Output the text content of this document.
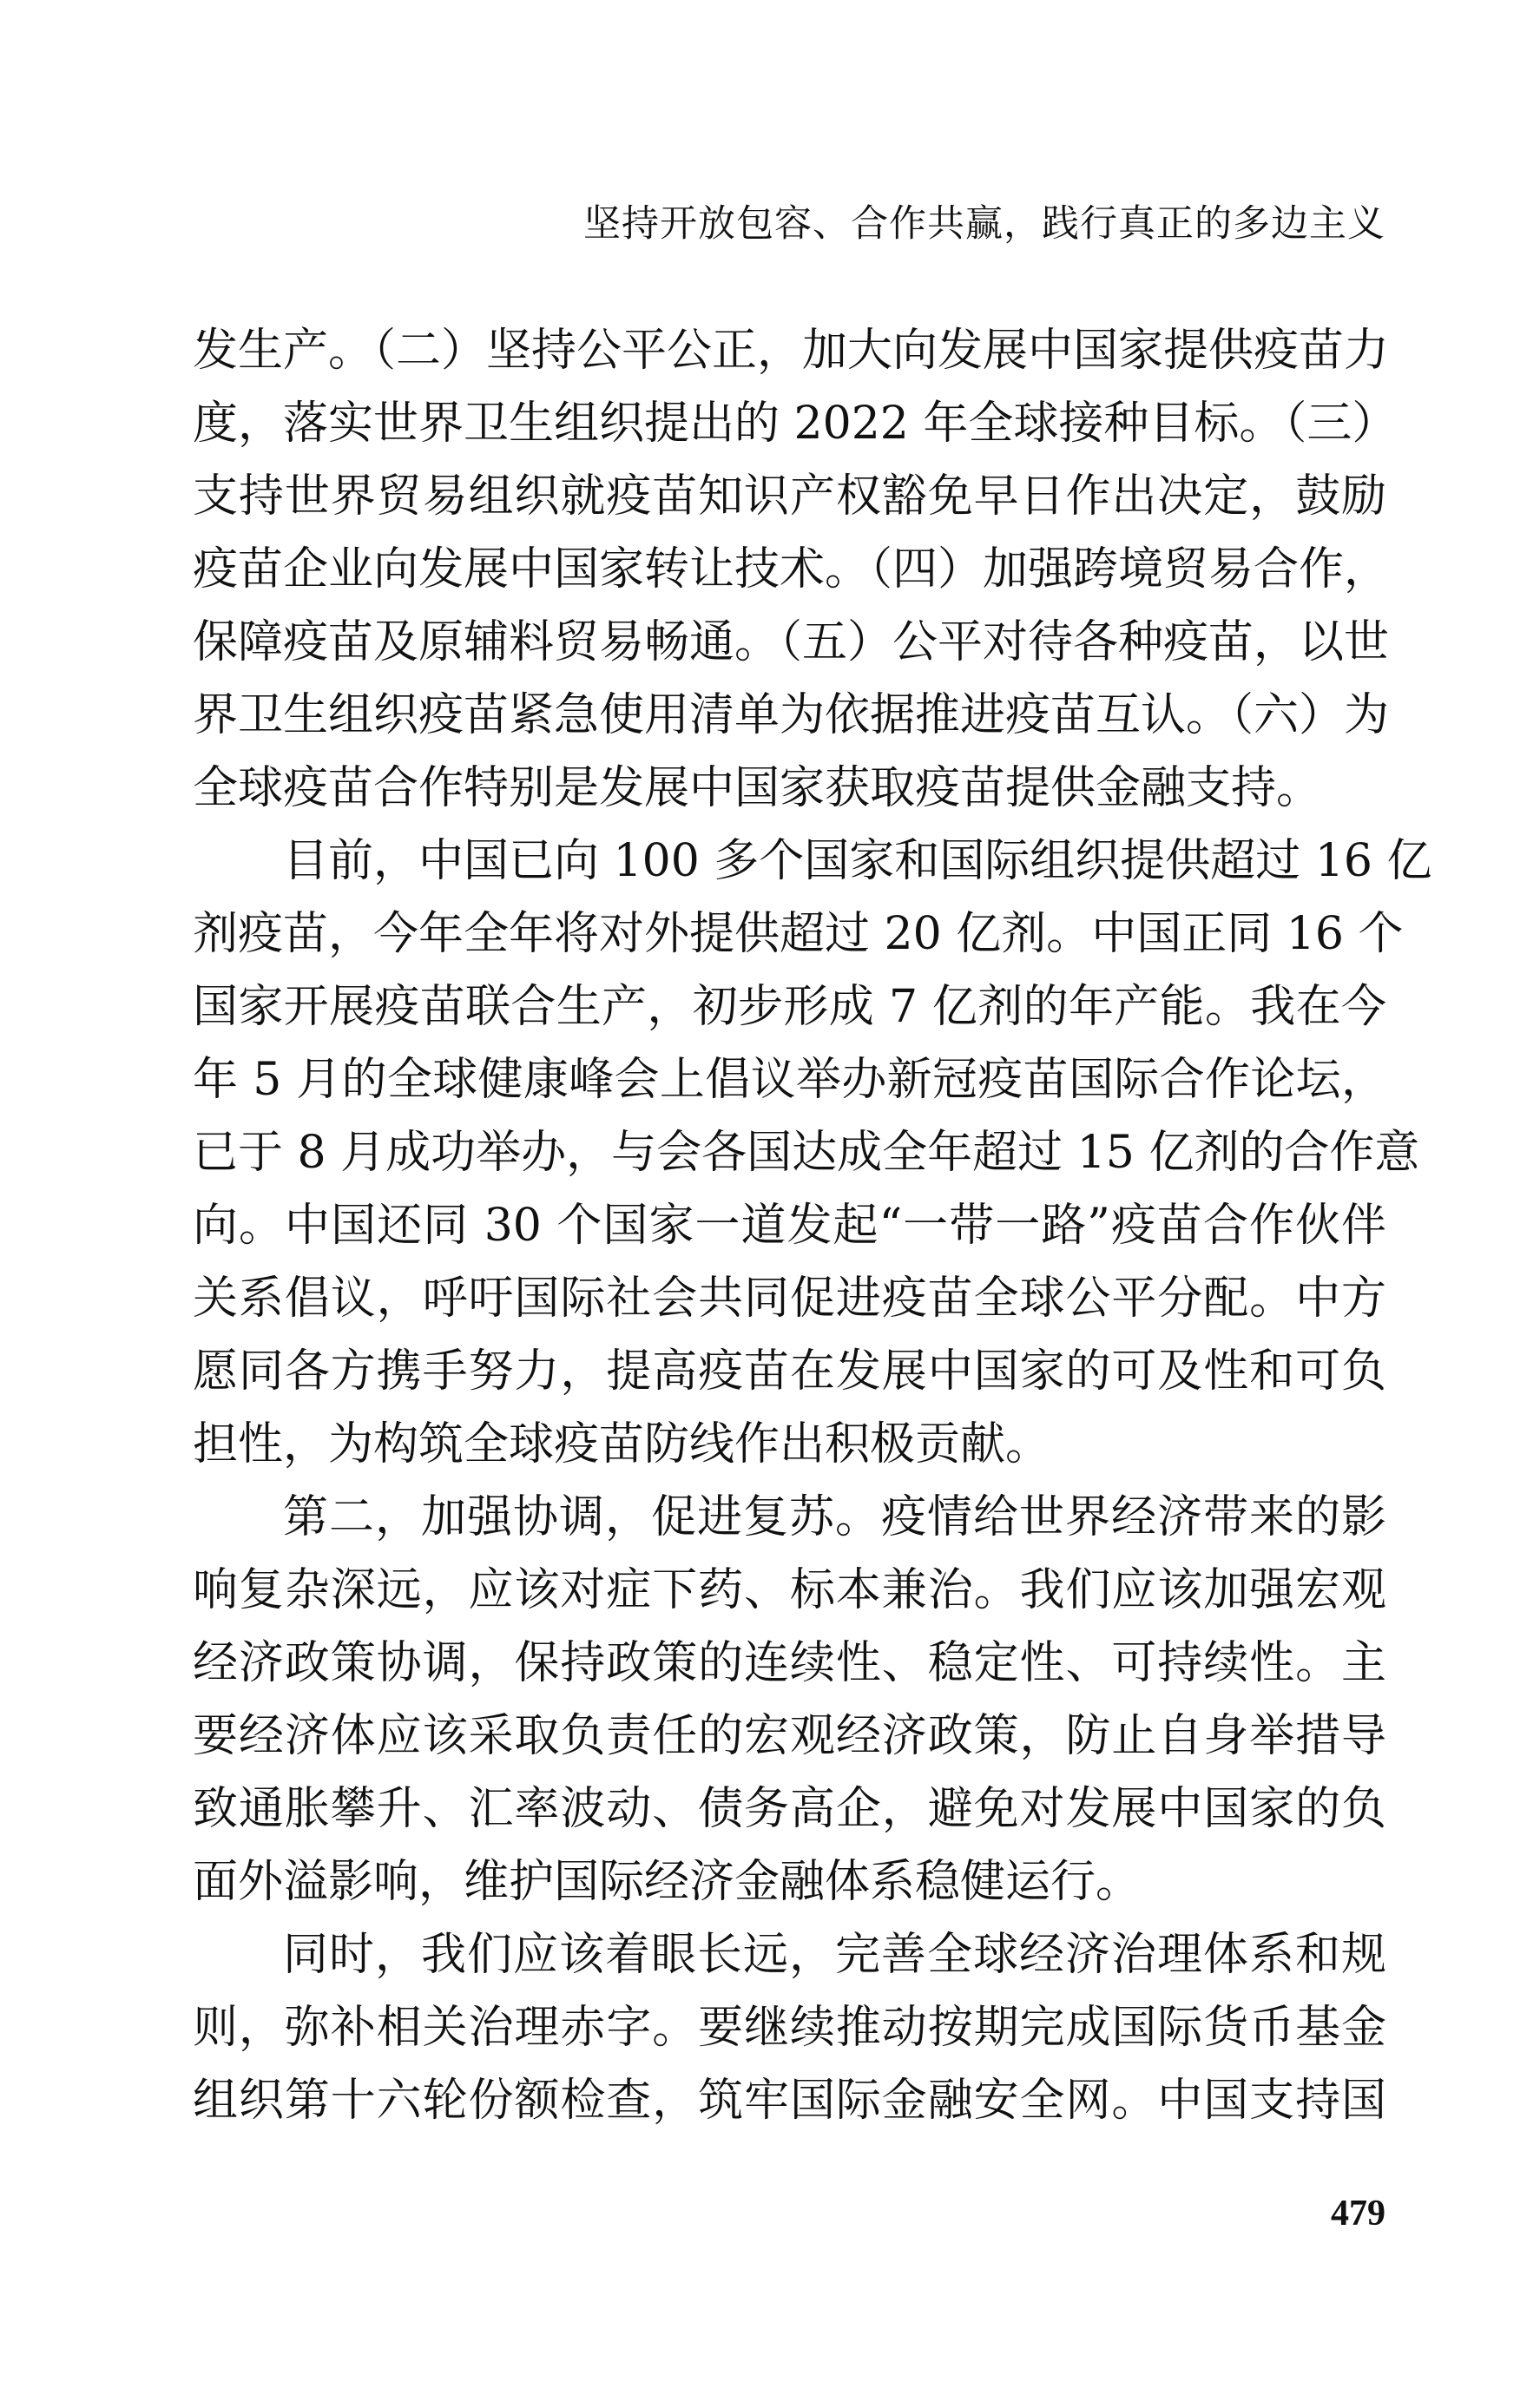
坚持开放包容、合作共赢，践行真正的多边主义
发生产。（二）坚持公平公正，加大向发展中国家提供疫苗力
度，落实世界卫生组织提出的 2022 年全球接种目标。（三）
支持世界贸易组织就疫苗知识产权豁免早日作出决定，鼓励
疫苗企业向发展中国家转让技术。（四）加强跨境贸易合作，
保障疫苗及原辅料贸易畅通。（五）公平对待各种疫苗，以世
界卫生组织疫苗紧急使用清单为依据推进疫苗互认。（六）为
全球疫苗合作特别是发展中国家获取疫苗提供金融支持。
目前，中国已向 100 多个国家和国际组织提供超过 16 亿
剂疫苗，今年全年将对外提供超过 20 亿剂。中国正同 16 个
国家开展疫苗联合生产，初步形成 7 亿剂的年产能。我在今
年 5 月的全球健康峰会上倡议举办新冠疫苗国际合作论坛，
已于 8 月成功举办，与会各国达成全年超过 15 亿剂的合作意
向。中国还同 30 个国家一道发起“一带一路”疫苗合作伙伴
关系倡议，呼吁国际社会共同促进疫苗全球公平分配。中方
愿同各方携手努力，提高疫苗在发展中国家的可及性和可负
担性，为构筑全球疫苗防线作出积极贡献。
第二，加强协调，促进复苏。疫情给世界经济带来的影
响复杂深远，应该对症下药、标本兼治。我们应该加强宏观
经济政策协调，保持政策的连续性、稳定性、可持续性。主
要经济体应该采取负责任的宏观经济政策，防止自身举措导
致通胀攀升、汇率波动、债务高企，避免对发展中国家的负
面外溢影响，维护国际经济金融体系稳健运行。
同时，我们应该着眼长远，完善全球经济治理体系和规
则，弥补相关治理赤字。要继续推动按期完成国际货币基金
组织第十六轮份额检查，筑牢国际金融安全网。中国支持国
479
